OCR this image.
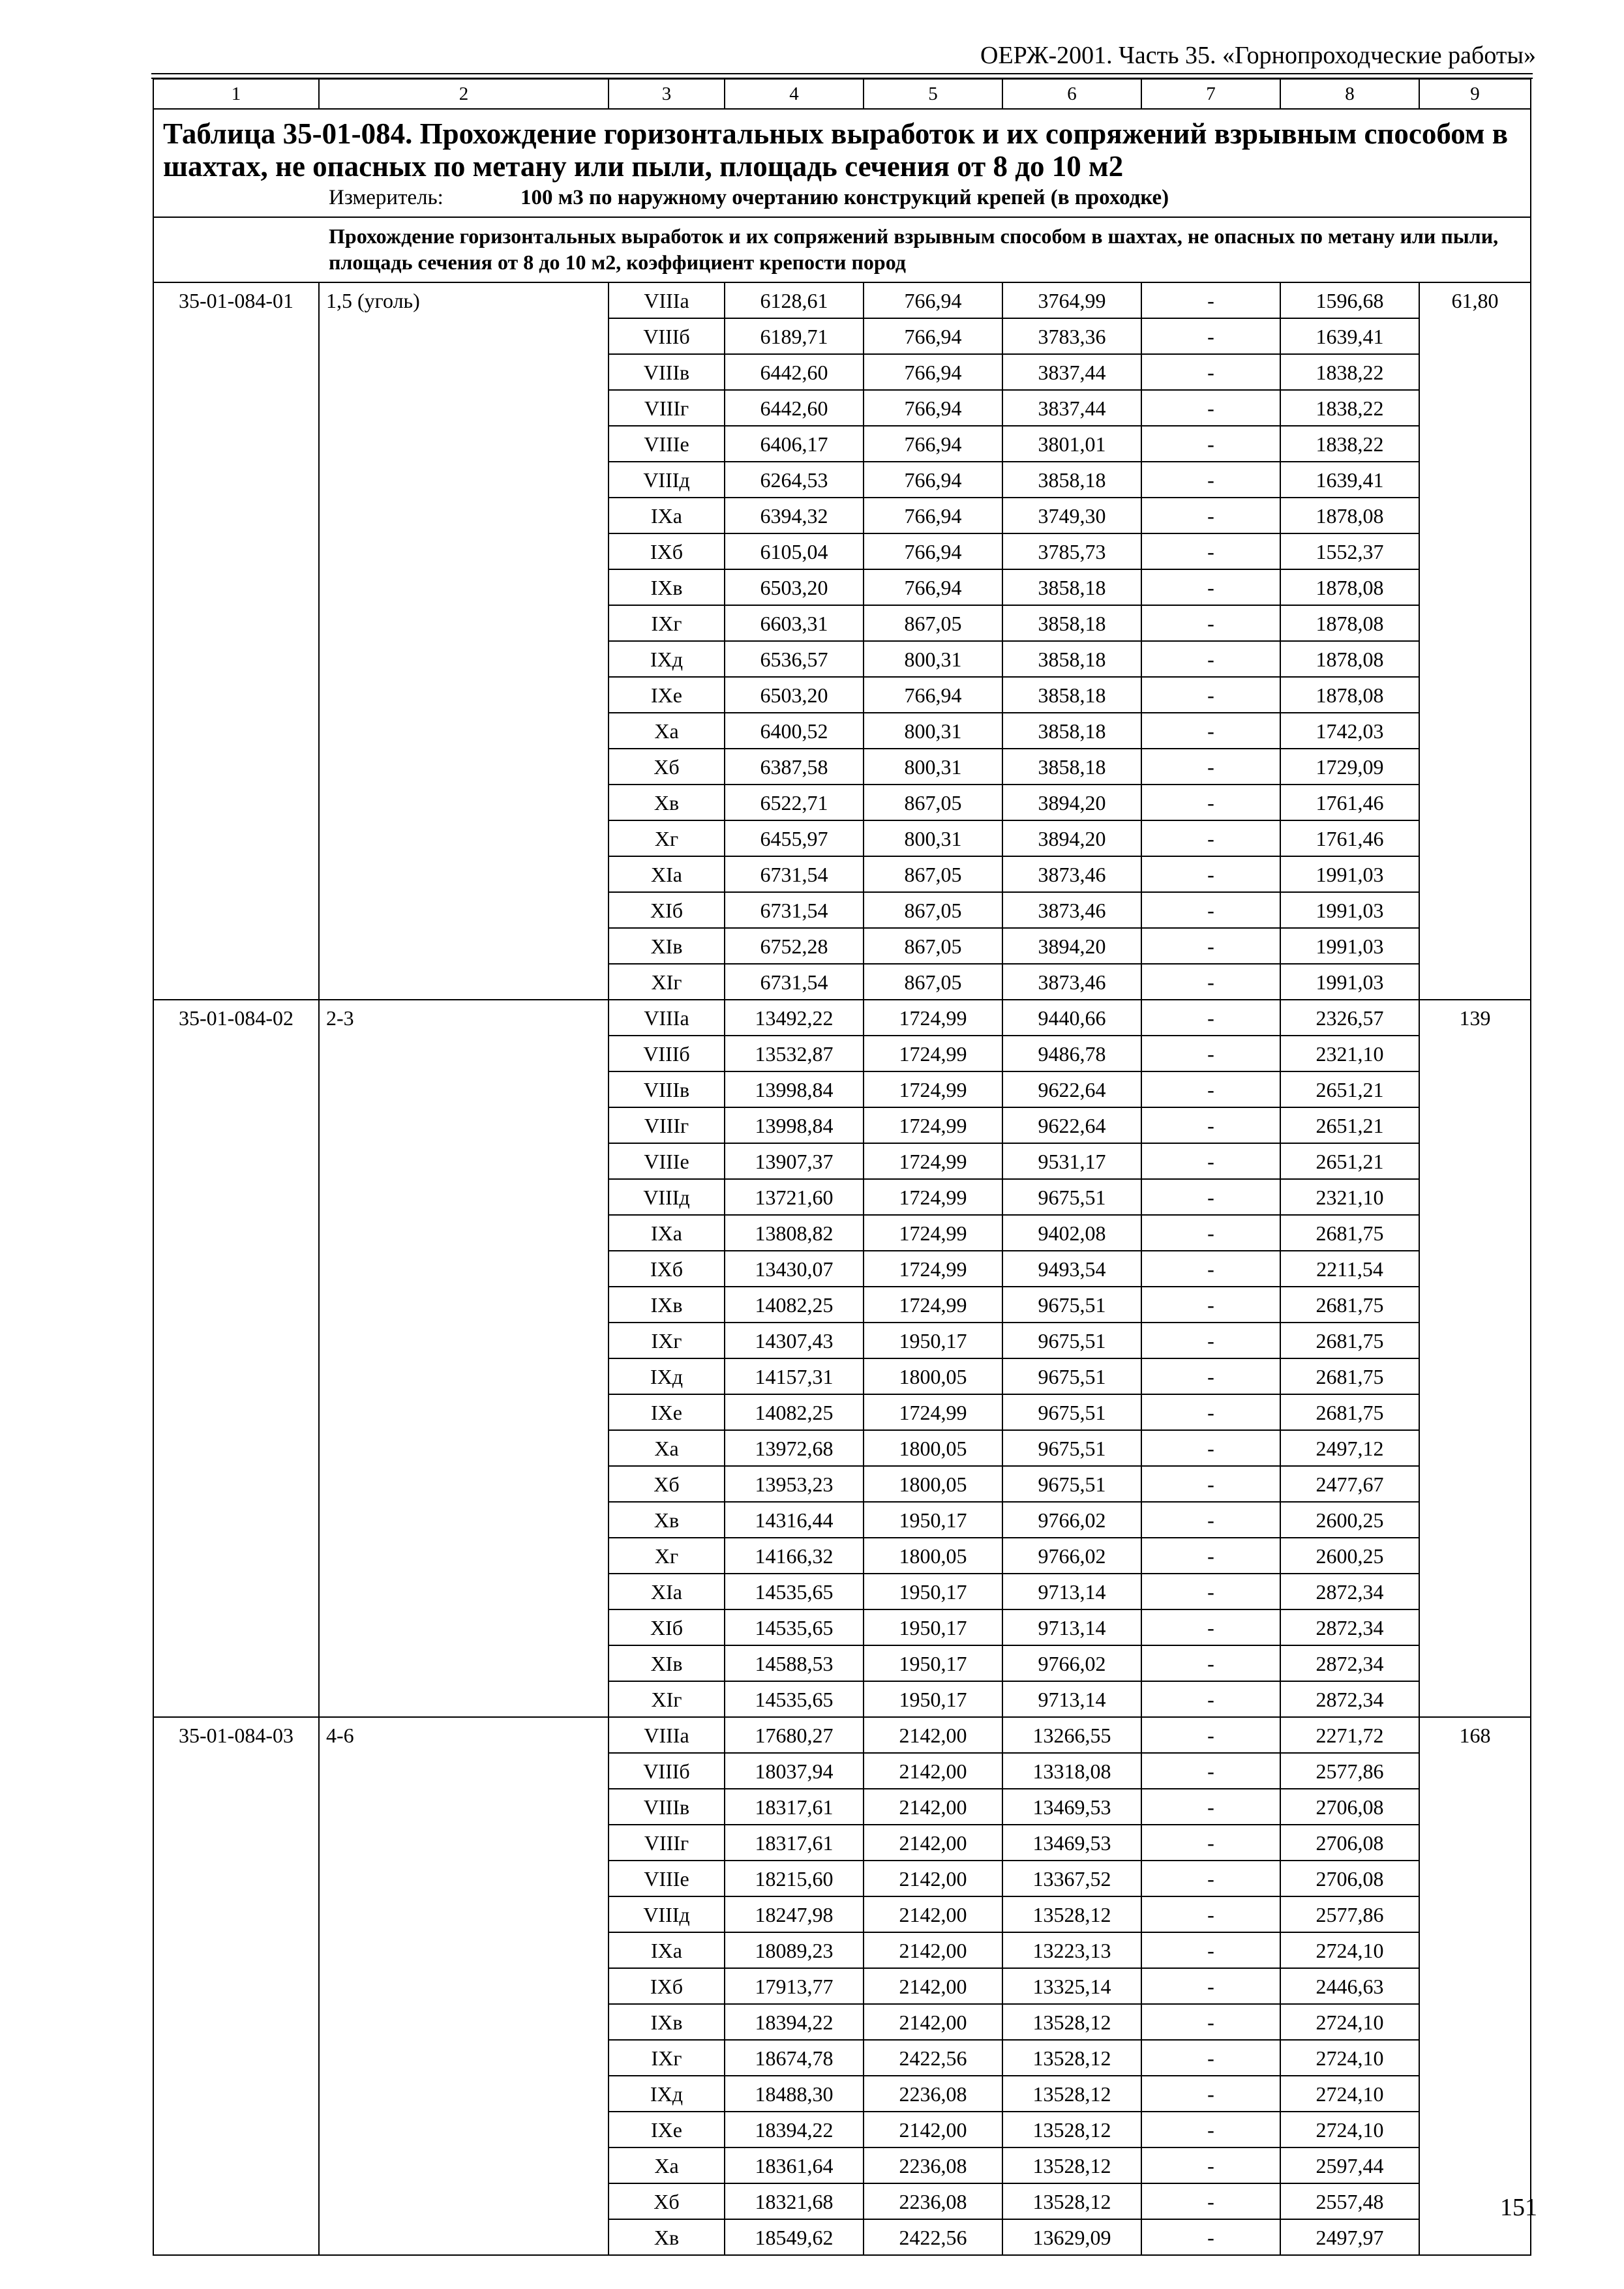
ОЕРЖ-2001. Часть 35. «Горнопроходческие работы»
1	2	3	4	5	6	7	8	9

Таблица 35-01-084. Прохождение горизонтальных выработок и их сопряжений взрывным способом в шахтах, не опасных по метану или пыли, площадь сечения от 8 до 10 м2
Измеритель: 100 м3 по наружному очертанию конструкций крепей (в проходке)								

Прохождение горизонтальных выработок и их сопряжений взрывным способом в шахтах, не опасных по метану или пыли, площадь сечения от 8 до 10 м2, коэффициент крепости пород								
35-01-084-01	1,5 (уголь)	VIIIа	6128,61	766,94	3764,99	-	1596,68	61,80
		VIIIб	6189,71	766,94	3783,36	-	1639,41	
		VIIIв	6442,60	766,94	3837,44	-	1838,22	
		VIIIг	6442,60	766,94	3837,44	-	1838,22	
		VIIIе	6406,17	766,94	3801,01	-	1838,22	
		VIIIд	6264,53	766,94	3858,18	-	1639,41	
		IXа	6394,32	766,94	3749,30	-	1878,08	
		IXб	6105,04	766,94	3785,73	-	1552,37	
		IXв	6503,20	766,94	3858,18	-	1878,08	
		IXг	6603,31	867,05	3858,18	-	1878,08	
		IXд	6536,57	800,31	3858,18	-	1878,08	
		IXе	6503,20	766,94	3858,18	-	1878,08	
		Xа	6400,52	800,31	3858,18	-	1742,03	
		Xб	6387,58	800,31	3858,18	-	1729,09	
		Xв	6522,71	867,05	3894,20	-	1761,46	
		Xг	6455,97	800,31	3894,20	-	1761,46	
		XIа	6731,54	867,05	3873,46	-	1991,03	
		XIб	6731,54	867,05	3873,46	-	1991,03	
		XIв	6752,28	867,05	3894,20	-	1991,03	
		XIг	6731,54	867,05	3873,46	-	1991,03	
35-01-084-02	2-3	VIIIа	13492,22	1724,99	9440,66	-	2326,57	139
		VIIIб	13532,87	1724,99	9486,78	-	2321,10	
		VIIIв	13998,84	1724,99	9622,64	-	2651,21	
		VIIIг	13998,84	1724,99	9622,64	-	2651,21	
		VIIIе	13907,37	1724,99	9531,17	-	2651,21	
		VIIIд	13721,60	1724,99	9675,51	-	2321,10	
		IXа	13808,82	1724,99	9402,08	-	2681,75	
		IXб	13430,07	1724,99	9493,54	-	2211,54	
		IXв	14082,25	1724,99	9675,51	-	2681,75	
		IXг	14307,43	1950,17	9675,51	-	2681,75	
		IXд	14157,31	1800,05	9675,51	-	2681,75	
		IXе	14082,25	1724,99	9675,51	-	2681,75	
		Xа	13972,68	1800,05	9675,51	-	2497,12	
		Xб	13953,23	1800,05	9675,51	-	2477,67	
		Xв	14316,44	1950,17	9766,02	-	2600,25	
		Xг	14166,32	1800,05	9766,02	-	2600,25	
		XIа	14535,65	1950,17	9713,14	-	2872,34	
		XIб	14535,65	1950,17	9713,14	-	2872,34	
		XIв	14588,53	1950,17	9766,02	-	2872,34	
		XIг	14535,65	1950,17	9713,14	-	2872,34	
35-01-084-03	4-6	VIIIа	17680,27	2142,00	13266,55	-	2271,72	168
		VIIIб	18037,94	2142,00	13318,08	-	2577,86	
		VIIIв	18317,61	2142,00	13469,53	-	2706,08	
		VIIIг	18317,61	2142,00	13469,53	-	2706,08	
		VIIIе	18215,60	2142,00	13367,52	-	2706,08	
		VIIIд	18247,98	2142,00	13528,12	-	2577,86	
		IXа	18089,23	2142,00	13223,13	-	2724,10	
		IXб	17913,77	2142,00	13325,14	-	2446,63	
		IXв	18394,22	2142,00	13528,12	-	2724,10	
		IXг	18674,78	2422,56	13528,12	-	2724,10	
		IXд	18488,30	2236,08	13528,12	-	2724,10	
		IXе	18394,22	2142,00	13528,12	-	2724,10	
		Xа	18361,64	2236,08	13528,12	-	2597,44	
		Xб	18321,68	2236,08	13528,12	-	2557,48	
		Xв	18549,62	2422,56	13629,09	-	2497,97	
151
